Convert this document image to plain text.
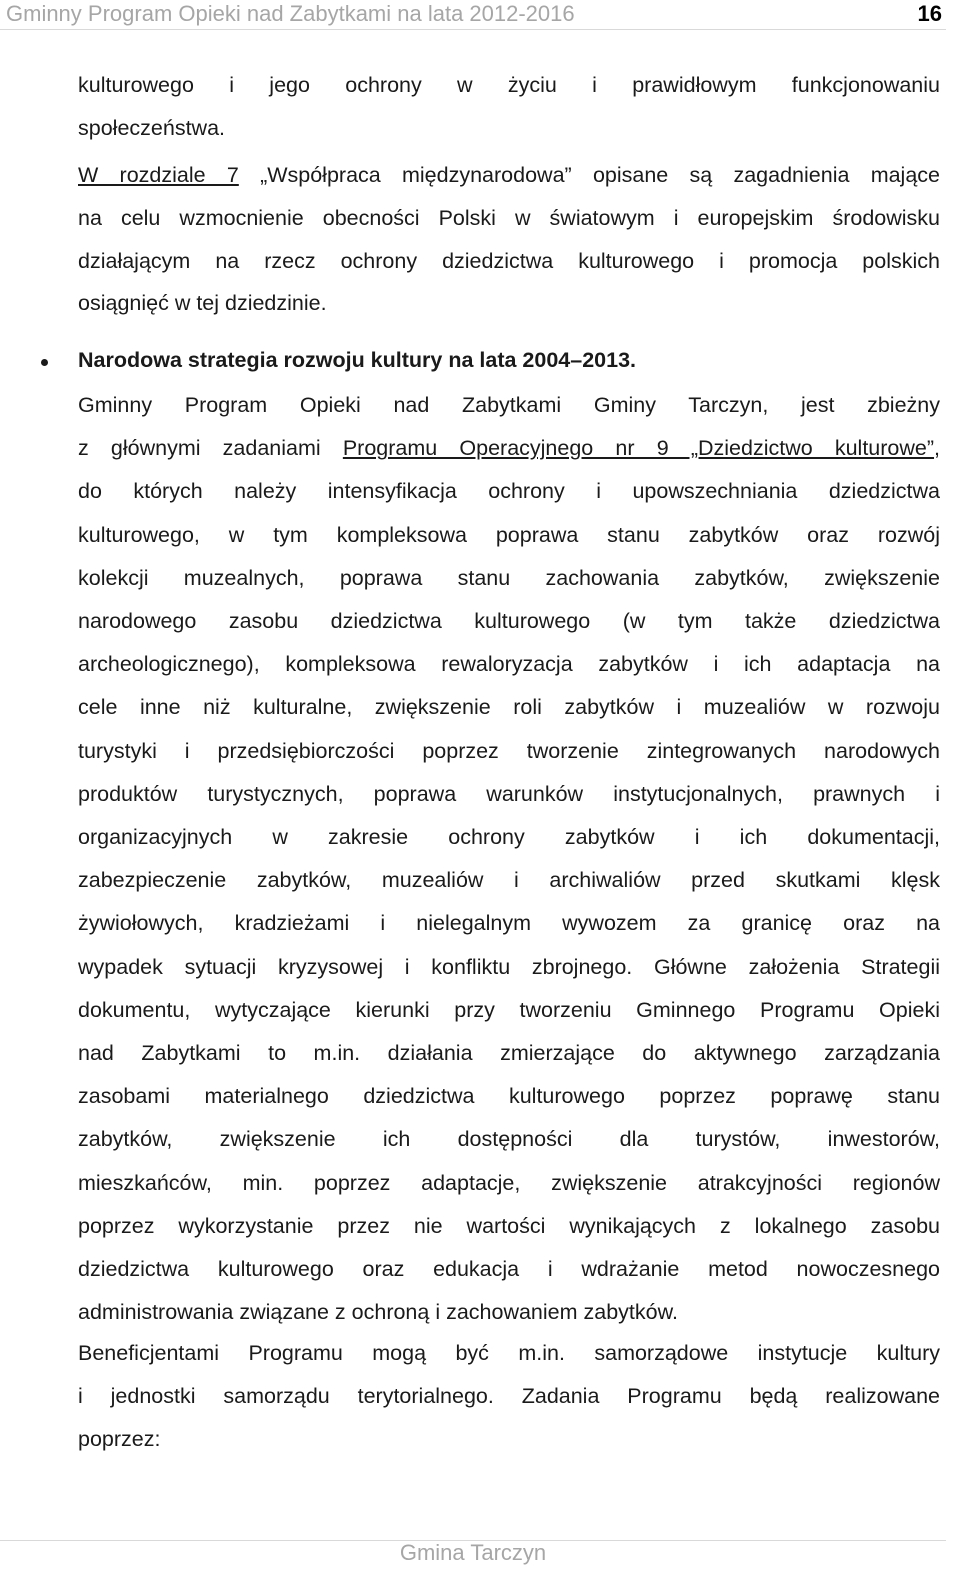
Gminny Program Opieki nad Zabytkami na lata 2012-2016	16

kulturowego i jego ochrony w życiu i prawidłowym funkcjonowaniu
społeczeństwa.

W rozdziale 7 „Współpraca międzynarodowa” opisane są zagadnienia mające
na celu wzmocnienie obecności Polski w światowym i europejskim środowisku
działającym na rzecz ochrony dziedzictwa kulturowego i promocja polskich
osiągnięć w tej dziedzinie.

Narodowa strategia rozwoju kultury na lata 2004–2013.

Gminny Program Opieki nad Zabytkami Gminy Tarczyn, jest zbieżny
z głównymi zadaniami Programu Operacyjnego nr 9 „Dziedzictwo kulturowe”,
do których należy intensyfikacja ochrony i upowszechniania dziedzictwa
kulturowego, w tym kompleksowa poprawa stanu zabytków oraz rozwój
kolekcji muzealnych, poprawa stanu zachowania zabytków, zwiększenie
narodowego zasobu dziedzictwa kulturowego (w tym także dziedzictwa
archeologicznego), kompleksowa rewaloryzacja zabytków i ich adaptacja na
cele inne niż kulturalne, zwiększenie roli zabytków i muzealiów w rozwoju
turystyki i przedsiębiorczości poprzez tworzenie zintegrowanych narodowych
produktów turystycznych, poprawa warunków instytucjonalnych, prawnych i
organizacyjnych w zakresie ochrony zabytków i ich dokumentacji,
zabezpieczenie zabytków, muzealiów i archiwaliów przed skutkami klęsk
żywiołowych, kradzieżami i nielegalnym wywozem za granicę oraz na
wypadek sytuacji kryzysowej i konfliktu zbrojnego. Główne założenia Strategii
dokumentu, wytyczające kierunki przy tworzeniu Gminnego Programu Opieki
nad Zabytkami to m.in. działania zmierzające do aktywnego zarządzania
zasobami materialnego dziedzictwa kulturowego poprzez poprawę stanu
zabytków, zwiększenie ich dostępności dla turystów, inwestorów,
mieszkańców, min. poprzez adaptacje, zwiększenie atrakcyjności regionów
poprzez wykorzystanie przez nie wartości wynikających z lokalnego zasobu
dziedzictwa kulturowego oraz edukacja i wdrażanie metod nowoczesnego
administrowania związane z ochroną i zachowaniem zabytków.

Beneficjentami Programu mogą być m.in. samorządowe instytucje kultury
i jednostki samorządu terytorialnego. Zadania Programu będą realizowane
poprzez:

Gmina Tarczyn
